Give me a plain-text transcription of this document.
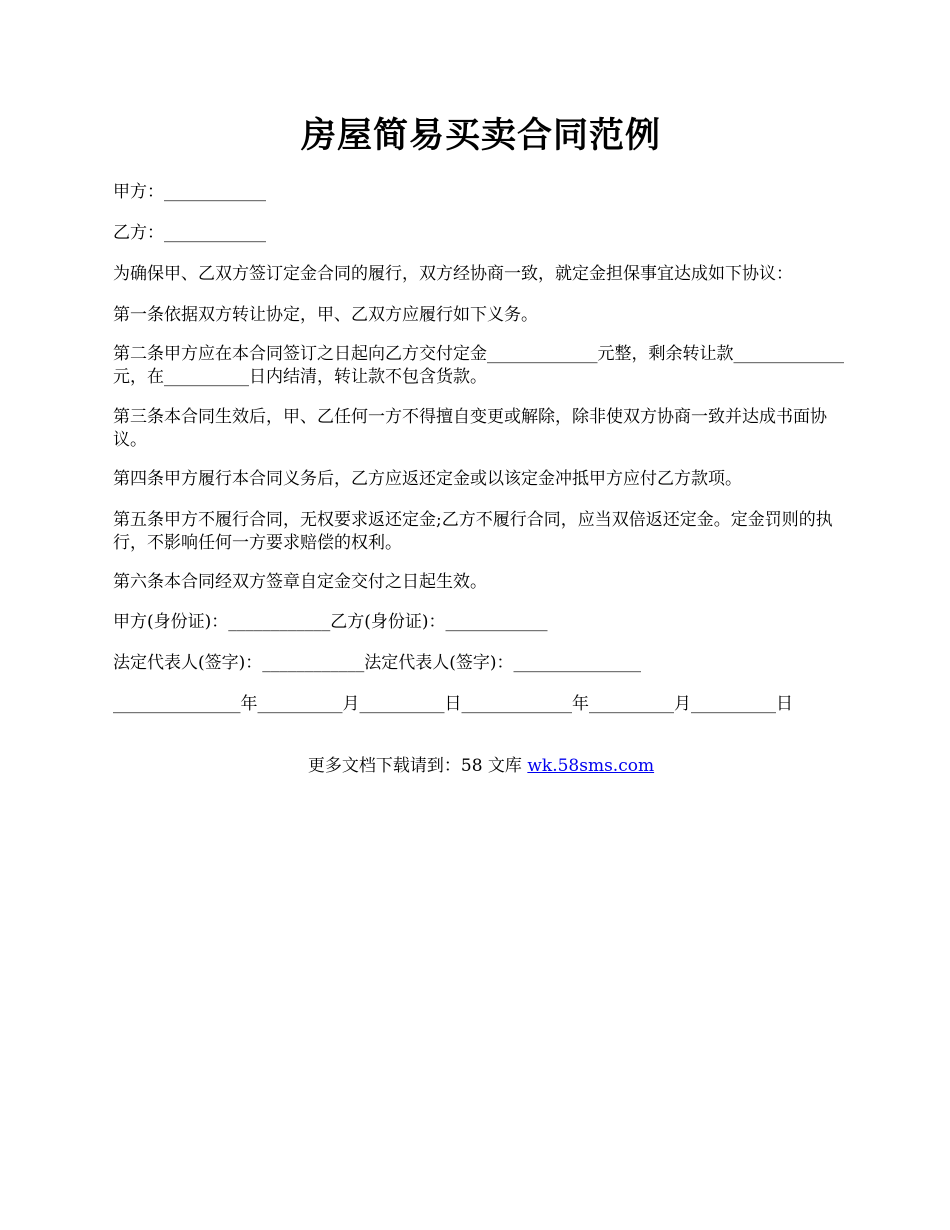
房屋简易买卖合同范例

甲方：____________

乙方：____________

为确保甲、乙双方签订定金合同的履行，双方经协商一致，就定金担保事宜达成如下协议：

第一条依据双方转让协定，甲、乙双方应履行如下义务。

第二条甲方应在本合同签订之日起向乙方交付定金_____________元整，剩余转让款_____________元，在__________日内结清，转让款不包含货款。

第三条本合同生效后，甲、乙任何一方不得擅自变更或解除，除非使双方协商一致并达成书面协议。

第四条甲方履行本合同义务后，乙方应返还定金或以该定金冲抵甲方应付乙方款项。

第五条甲方不履行合同，无权要求返还定金;乙方不履行合同，应当双倍返还定金。定金罚则的执行，不影响任何一方要求赔偿的权利。

第六条本合同经双方签章自定金交付之日起生效。

甲方(身份证)：____________乙方(身份证)：____________

法定代表人(签字)：____________法定代表人(签字)：_______________

_______________年__________月__________日_____________年__________月__________日

更多文档下载请到：58 文库 wk.58sms.com
